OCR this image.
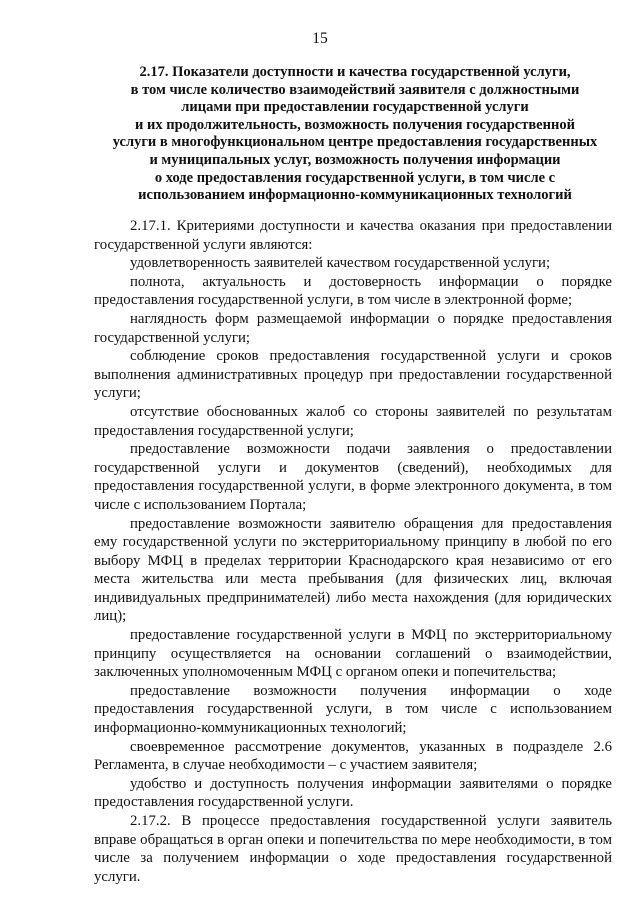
15
2.17. Показатели доступности и качества государственной услуги,
в том числе количество взаимодействий заявителя с должностными
лицами при предоставлении государственной услуги
и их продолжительность, возможность получения государственной
услуги в многофункциональном центре предоставления государственных
и муниципальных услуг, возможность получения информации
о ходе предоставления государственной услуги, в том числе с
использованием информационно-коммуникационных технологий

2.17.1. Критериями доступности и качества оказания при предоставлении государственной услуги являются:

удовлетворенность заявителей качеством государственной услуги;

полнота, актуальность и достоверность информации о порядке предоставления государственной услуги, в том числе в электронной форме;

наглядность форм размещаемой информации о порядке предоставления государственной услуги;

соблюдение сроков предоставления государственной услуги и сроков выполнения административных процедур при предоставлении государственной услуги;

отсутствие обоснованных жалоб со стороны заявителей по результатам предоставления государственной услуги;

предоставление возможности подачи заявления о предоставлении государственной услуги и документов (сведений), необходимых для предоставления государственной услуги, в форме электронного документа, в том числе с использованием Портала;

предоставление возможности заявителю обращения для предоставления ему государственной услуги по экстерриториальному принципу в любой по его выбору МФЦ в пределах территории Краснодарского края независимо от его места жительства или места пребывания (для физических лиц, включая индивидуальных предпринимателей) либо места нахождения (для юридических лиц);

предоставление государственной услуги в МФЦ по экстерриториальному принципу осуществляется на основании соглашений о взаимодействии, заключенных уполномоченным МФЦ с органом опеки и попечительства;

предоставление возможности получения информации о ходе предоставления государственной услуги, в том числе с использованием информационно-коммуникационных технологий;

своевременное рассмотрение документов, указанных в подразделе 2.6 Регламента, в случае необходимости – с участием заявителя;

удобство и доступность получения информации заявителями о порядке предоставления государственной услуги.

2.17.2. В процессе предоставления государственной услуги заявитель вправе обращаться в орган опеки и попечительства по мере необходимости, в том числе за получением информации о ходе предоставления государственной услуги.
